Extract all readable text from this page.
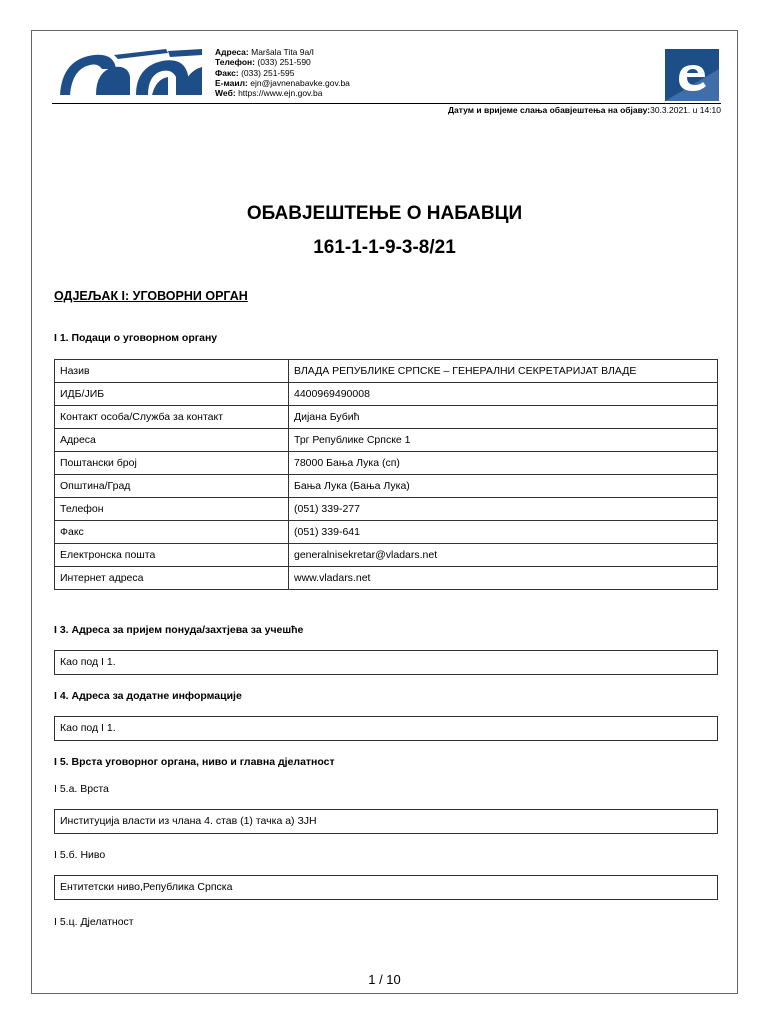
Адреса: Maršala Tita 9a/I
Телефон: (033) 251-590
Факс: (033) 251-595
E-маил: ejn@javnenabavke.gov.ba
Weб: https://www.ejn.gov.ba
Датум и вријеме слања обавјештења на објаву:30.3.2021. u 14:10
ОБАВЈЕШТЕЊЕ О НАБАВЦИ
161-1-1-9-3-8/21
ОДЈЕЉАК I: УГОВОРНИ ОРГАН
I 1. Подаци о уговорном органу
Назив	ВЛАДА РЕПУБЛИКЕ СРПСКЕ – ГЕНЕРАЛНИ СЕКРЕТАРИЈАТ ВЛАДЕ
ИДБ/ЈИБ	4400969490008
Контакт особа/Служба за контакт	Дијана Бубић
Адреса	Трг Републике Српске 1
Поштански број	78000 Бања Лука (сп)
Општина/Град	Бања Лука (Бања Лука)
Телефон	(051) 339-277
Факс	(051) 339-641
Електронска пошта	generalnisekretar@vladars.net
Интернет адреса	www.vladars.net
I 3. Адреса за пријем понуда/захтјева за учешће
Као под I 1.
I 4. Адреса за додатне информације
Као под I 1.
I 5. Врста уговорног органа, ниво и главна дјелатност
I 5.a. Врста
Институција власти из члана 4. став (1) тачка а) ЗЈН
I 5.б. Ниво
Ентитетски ниво,Република Српска
I 5.ц. Дјелатност
1 / 10
